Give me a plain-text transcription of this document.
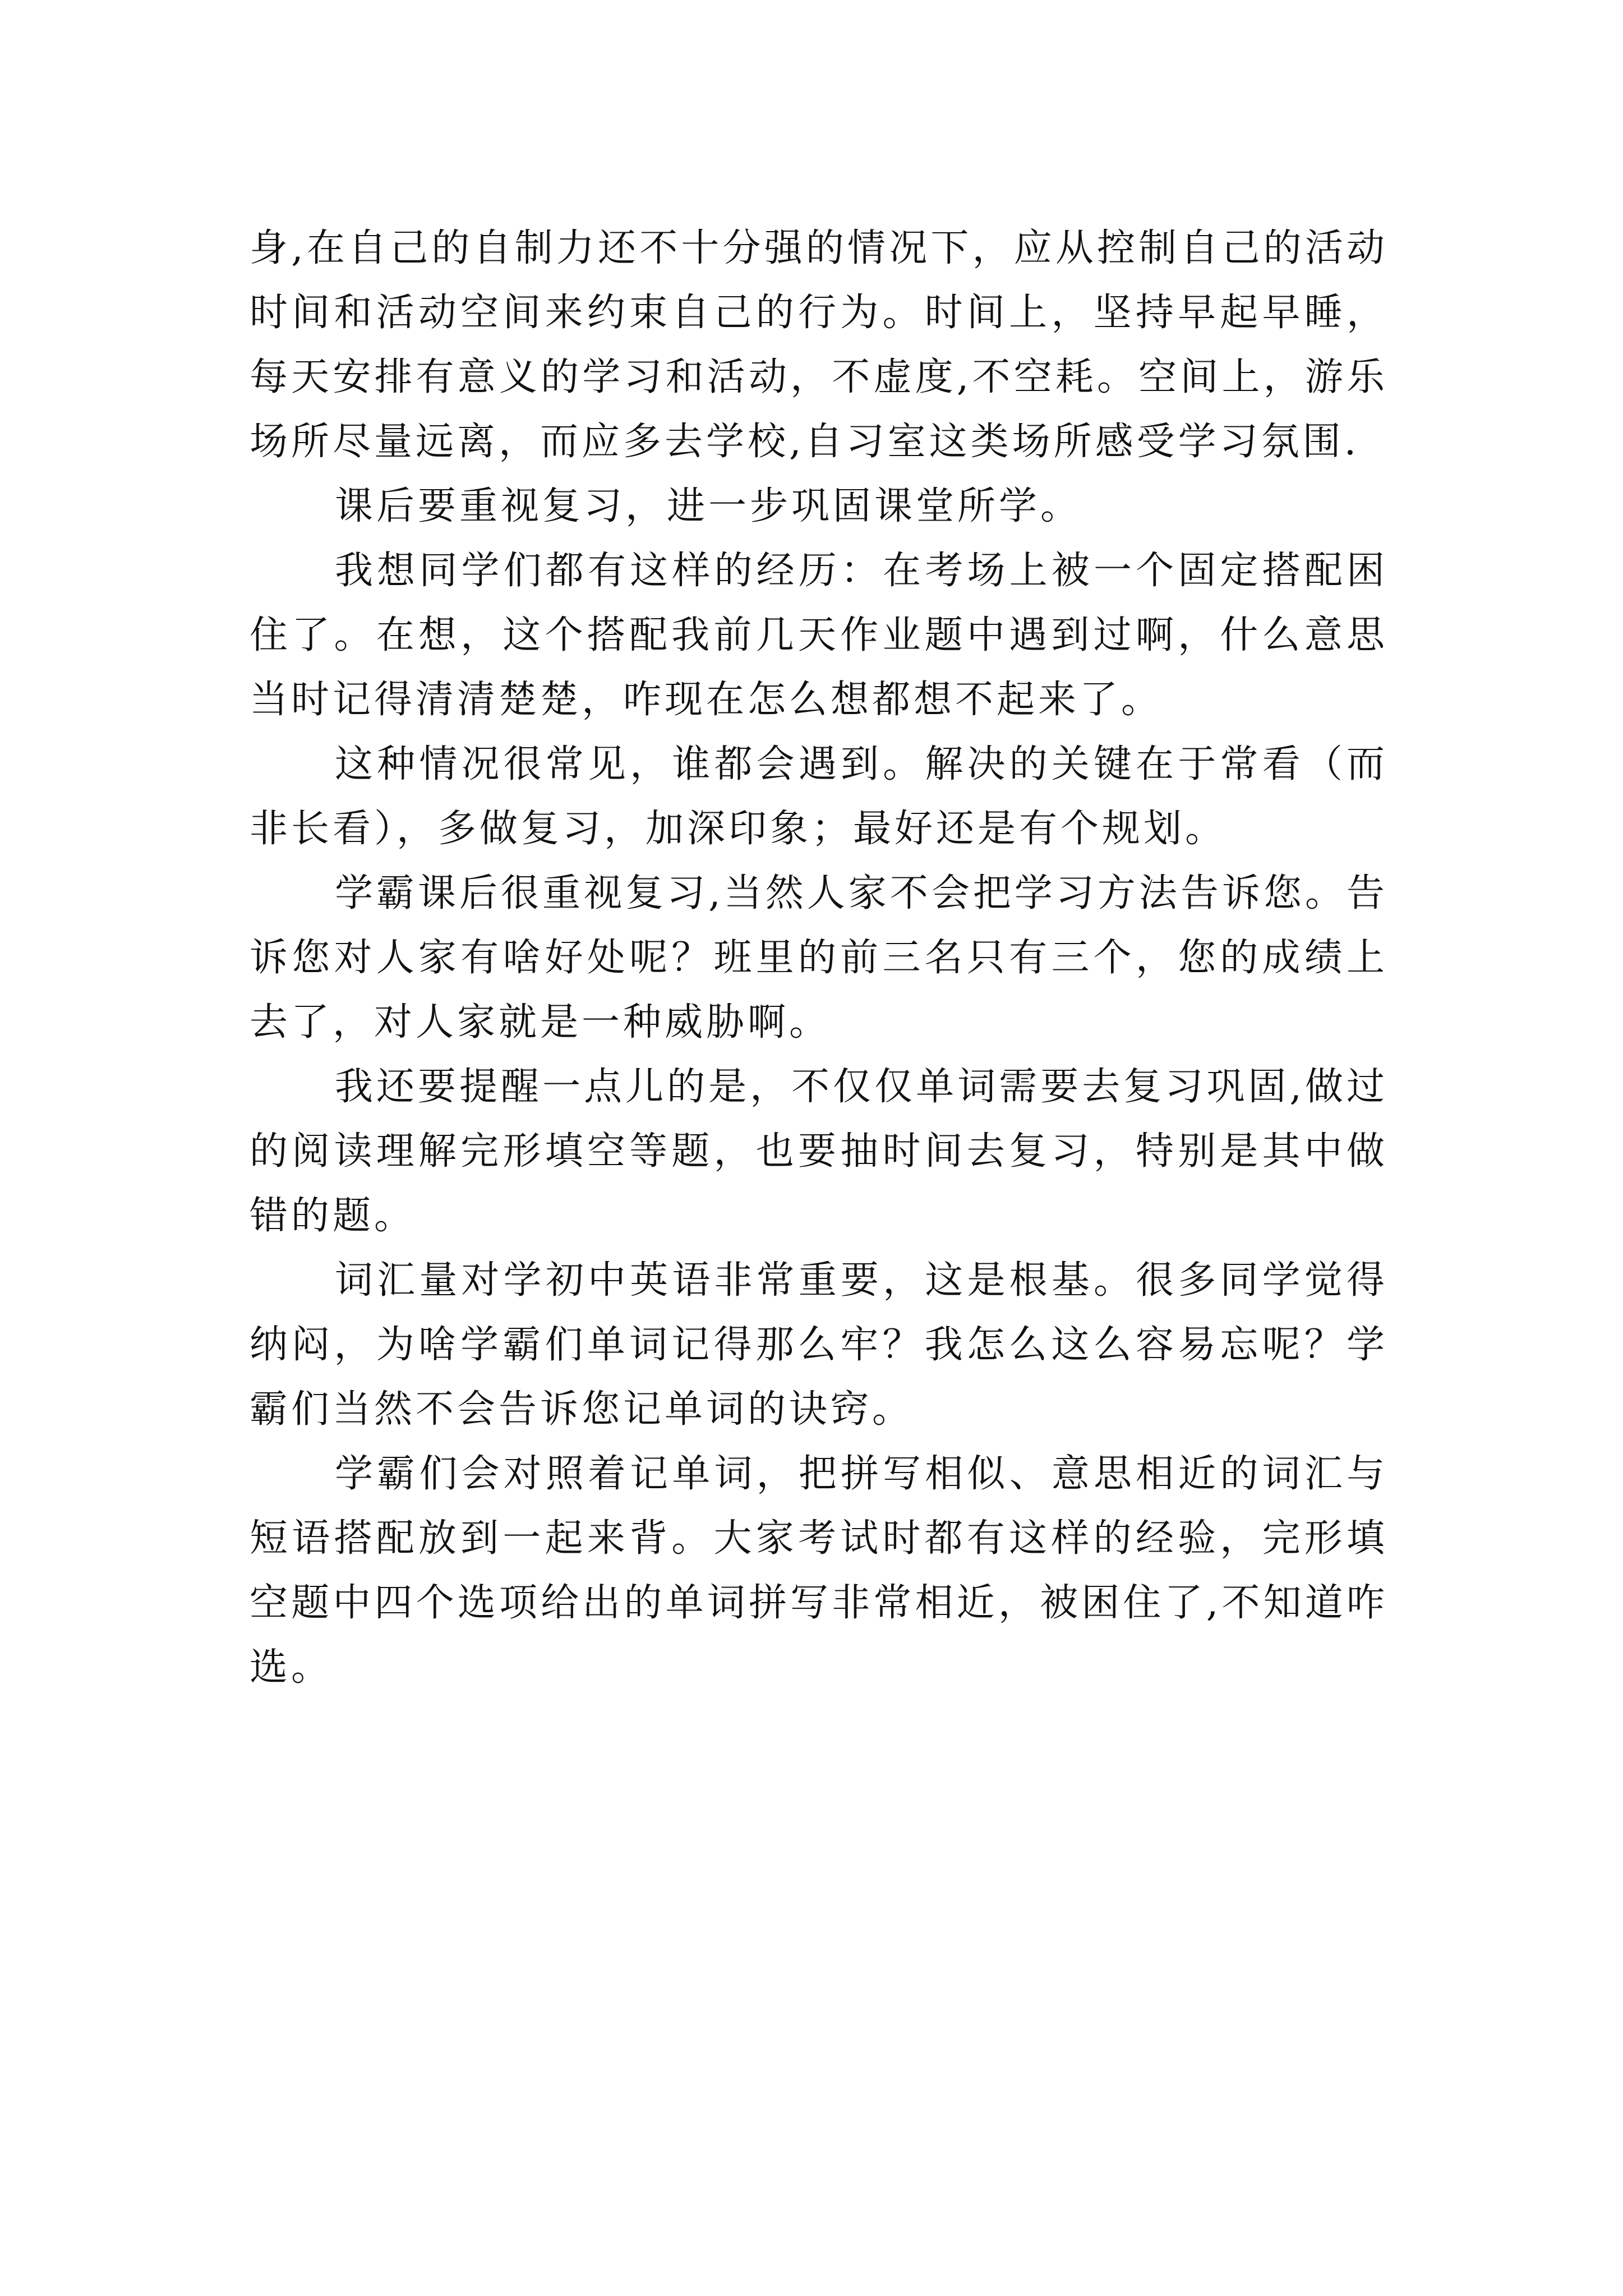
身,在自己的自制力还不十分强的情况下，应从控制自己的活动时间和活动空间来约束自己的行为。时间上，坚持早起早睡，每天安排有意义的学习和活动，不虚度,不空耗。空间上，游乐场所尽量远离，而应多去学校,自习室这类场所感受学习氛围.

课后要重视复习，进一步巩固课堂所学。

我想同学们都有这样的经历：在考场上被一个固定搭配困住了。在想，这个搭配我前几天作业题中遇到过啊，什么意思当时记得清清楚楚，咋现在怎么想都想不起来了。

这种情况很常见，谁都会遇到。解决的关键在于常看（而非长看），多做复习，加深印象；最好还是有个规划。

学霸课后很重视复习,当然人家不会把学习方法告诉您。告诉您对人家有啥好处呢？班里的前三名只有三个，您的成绩上去了，对人家就是一种威胁啊。

我还要提醒一点儿的是，不仅仅单词需要去复习巩固,做过的阅读理解完形填空等题，也要抽时间去复习，特别是其中做错的题。

词汇量对学初中英语非常重要，这是根基。很多同学觉得纳闷，为啥学霸们单词记得那么牢？我怎么这么容易忘呢？学霸们当然不会告诉您记单词的诀窍。

学霸们会对照着记单词，把拼写相似、意思相近的词汇与短语搭配放到一起来背。大家考试时都有这样的经验，完形填空题中四个选项给出的单词拼写非常相近，被困住了,不知道咋选。
